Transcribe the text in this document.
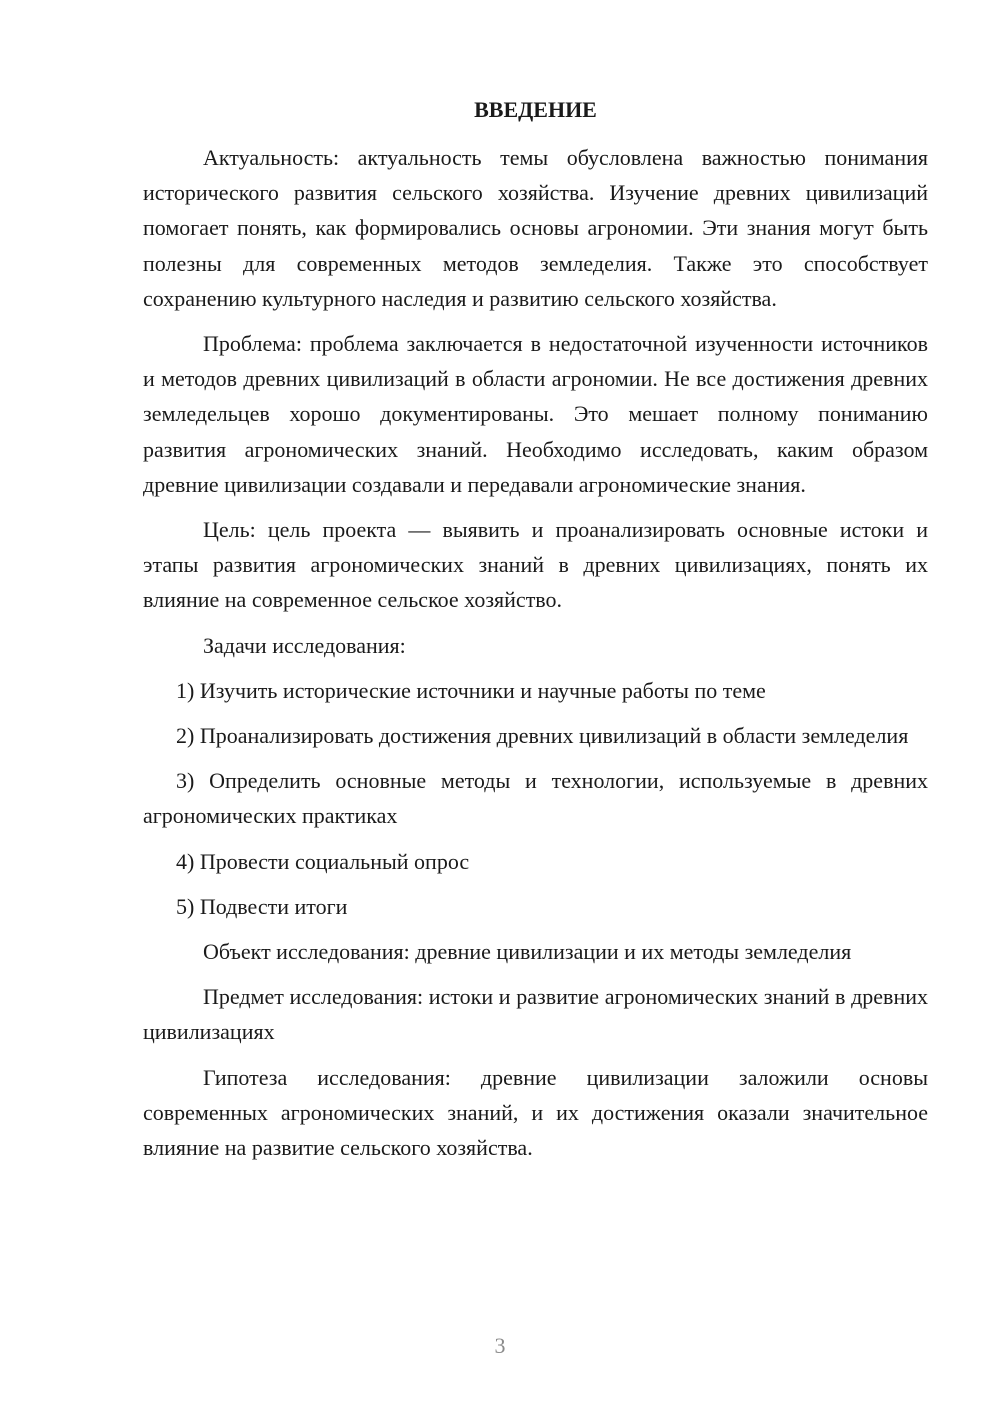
ВВЕДЕНИЕ

Актуальность: актуальность темы обусловлена важностью понимания исторического развития сельского хозяйства. Изучение древних цивилизаций помогает понять, как формировались основы агрономии. Эти знания могут быть полезны для современных методов земледелия. Также это способствует сохранению культурного наследия и развитию сельского хозяйства.

Проблема: проблема заключается в недостаточной изученности источников и методов древних цивилизаций в области агрономии. Не все достижения древних земледельцев хорошо документированы. Это мешает полному пониманию развития агрономических знаний. Необходимо исследовать, каким образом древние цивилизации создавали и передавали агрономические знания.

Цель: цель проекта — выявить и проанализировать основные истоки и этапы развития агрономических знаний в древних цивилизациях, понять их влияние на современное сельское хозяйство.

Задачи исследования:

1) Изучить исторические источники и научные работы по теме

2) Проанализировать достижения древних цивилизаций в области земледелия

3) Определить основные методы и технологии, используемые в древних агрономических практиках

4) Провести социальный опрос

5) Подвести итоги

Объект исследования: древние цивилизации и их методы земледелия

Предмет исследования: истоки и развитие агрономических знаний в древних цивилизациях

Гипотеза исследования: древние цивилизации заложили основы современных агрономических знаний, и их достижения оказали значительное влияние на развитие сельского хозяйства.

3
